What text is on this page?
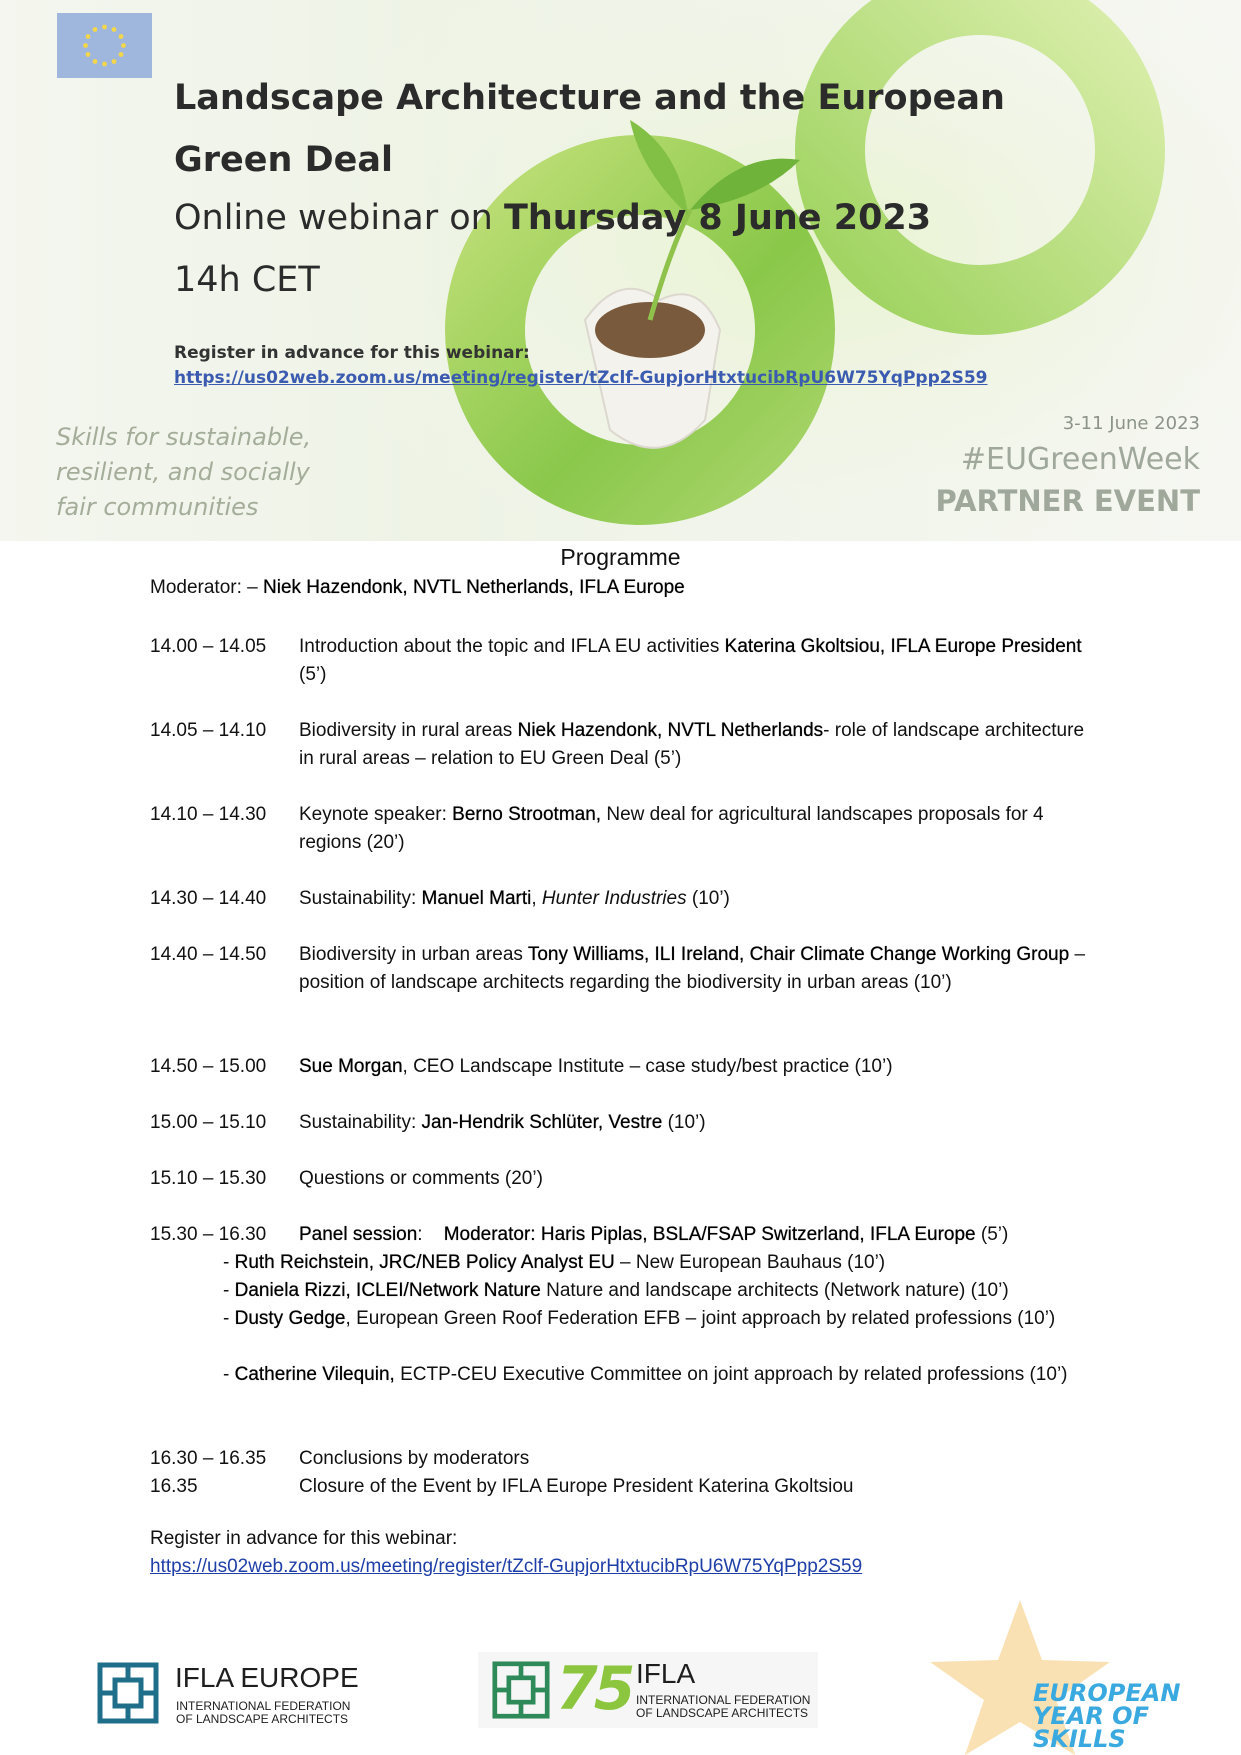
Landscape Architecture and the European
Green Deal
Online webinar on Thursday 8 June 2023
14h CET
Register in advance for this webinar:
https://us02web.zoom.us/meeting/register/tZclf-GupjorHtxtucibRpU6W75YqPpp2S59
Skills for sustainable,
resilient, and socially
fair communities
3-11 June 2023
#EUGreenWeek
PARTNER EVENT
Programme
Moderator: – Niek Hazendonk, NVTL Netherlands, IFLA Europe
14.00 – 14.05	Introduction about the topic and IFLA EU activities Katerina Gkoltsiou, IFLA Europe President (5’)
14.05 – 14.10	Biodiversity in rural areas Niek Hazendonk, NVTL Netherlands- role of landscape architecture in rural areas – relation to EU Green Deal (5’)
14.10 – 14.30	Keynote speaker: Berno Strootman, New deal for agricultural landscapes proposals for 4 regions (20’)
14.30 – 14.40	Sustainability: Manuel Marti, Hunter Industries (10’)
14.40 – 14.50	Biodiversity in urban areas Tony Williams, ILI Ireland, Chair Climate Change Working Group – position of landscape architects regarding the biodiversity in urban areas (10’)
14.50 – 15.00	Sue Morgan, CEO Landscape Institute – case study/best practice (10’)
15.00 – 15.10	Sustainability: Jan-Hendrik Schlüter, Vestre (10’)
15.10 – 15.30	Questions or comments (20’)
15.30 – 16.30	Panel session:    Moderator: Haris Piplas, BSLA/FSAP Switzerland, IFLA Europe (5’)
- Ruth Reichstein, JRC/NEB Policy Analyst EU – New European Bauhaus (10’)
- Daniela Rizzi, ICLEI/Network Nature Nature and landscape architects (Network nature) (10’)
- Dusty Gedge, European Green Roof Federation EFB – joint approach by related professions (10’)
- Catherine Vilequin, ECTP-CEU Executive Committee on joint approach by related professions (10’)
16.30 – 16.35	Conclusions by moderators
16.35	Closure of the Event by IFLA Europe President Katerina Gkoltsiou
Register in advance for this webinar:
https://us02web.zoom.us/meeting/register/tZclf-GupjorHtxtucibRpU6W75YqPpp2S59
IFLA EUROPE
INTERNATIONAL FEDERATION
OF LANDSCAPE ARCHITECTS	75 IFLA
INTERNATIONAL FEDERATION
OF LANDSCAPE ARCHITECTS
EUROPEAN
YEAR OF
SKILLS
